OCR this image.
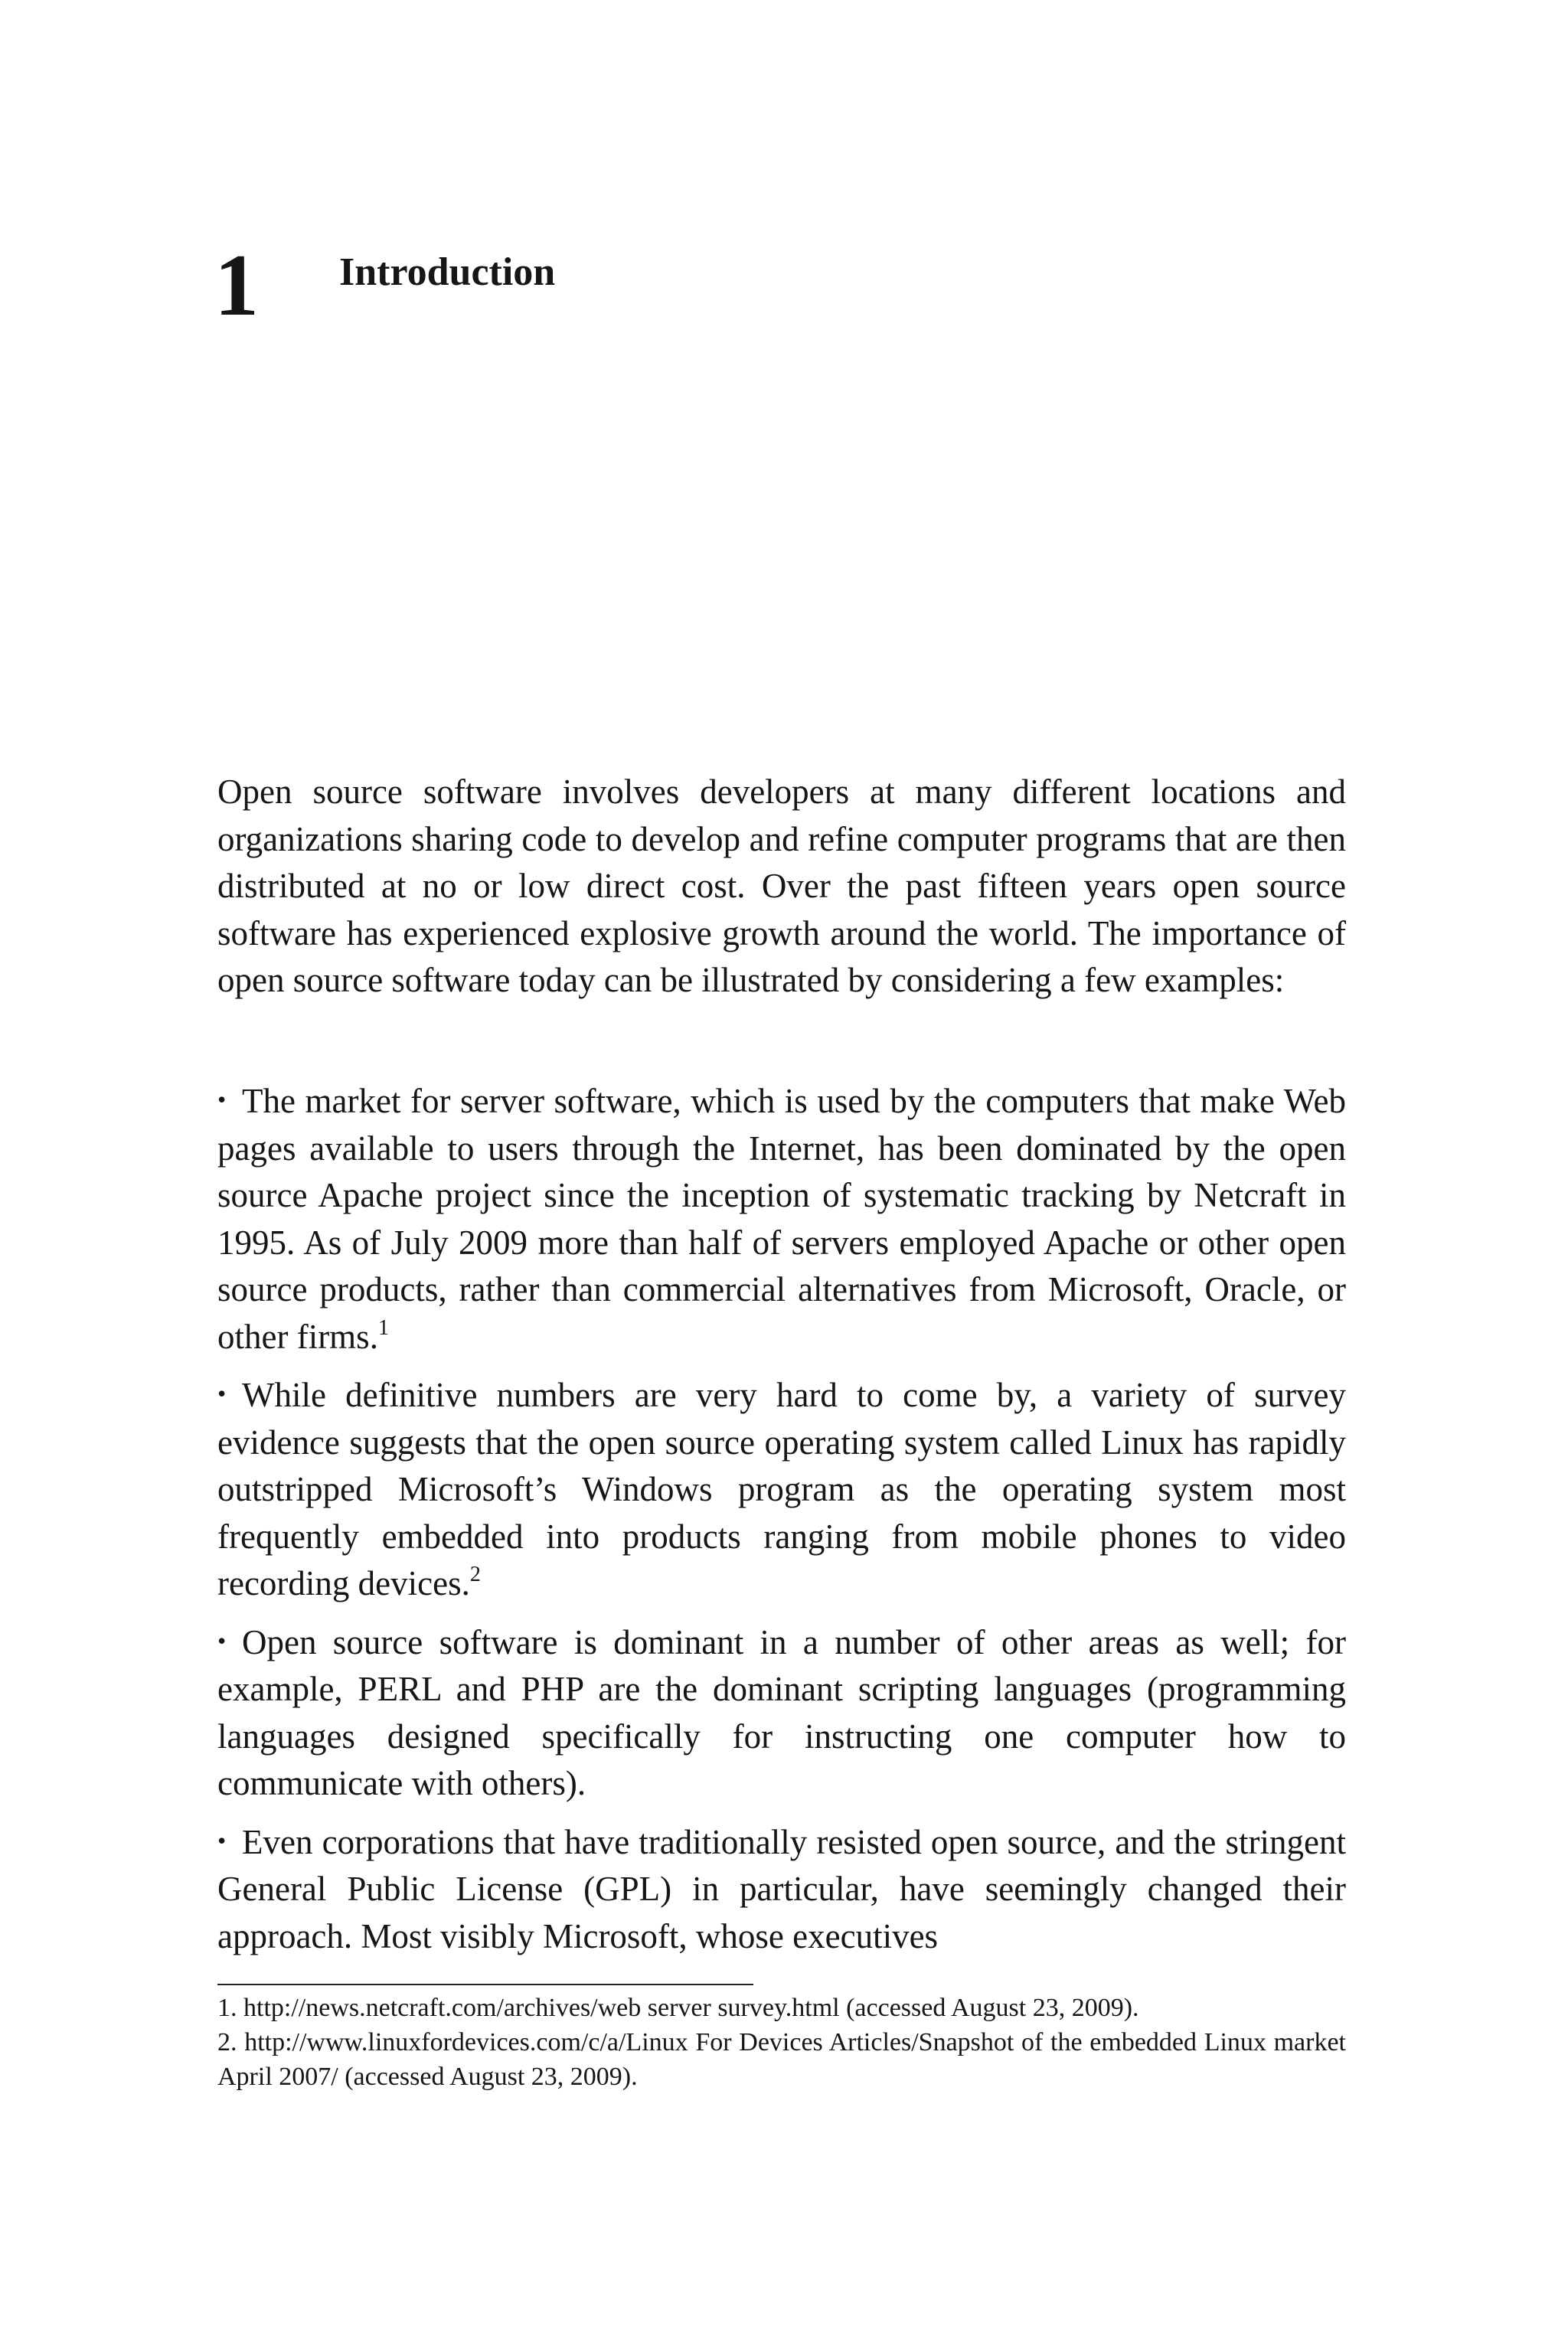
1 Introduction

Open source software involves developers at many different locations and organizations sharing code to develop and refine computer programs that are then distributed at no or low direct cost. Over the past fifteen years open source software has experienced explosive growth around the world. The importance of open source software today can be illustrated by considering a few examples:

• The market for server software, which is used by the computers that make Web pages available to users through the Internet, has been dominated by the open source Apache project since the inception of systematic tracking by Netcraft in 1995. As of July 2009 more than half of servers employed Apache or other open source products, rather than commercial alternatives from Microsoft, Oracle, or other firms.$^1$
• While definitive numbers are very hard to come by, a variety of survey evidence suggests that the open source operating system called Linux has rapidly outstripped Microsoft’s Windows program as the operating system most frequently embedded into products ranging from mobile phones to video recording devices.$^2$
• Open source software is dominant in a number of other areas as well; for example, PERL and PHP are the dominant scripting languages (programming languages designed specifically for instructing one computer how to communicate with others).
• Even corporations that have traditionally resisted open source, and the stringent General Public License (GPL) in particular, have seemingly changed their approach. Most visibly Microsoft, whose executives

1. http://news.netcraft.com/archives/web server survey.html (accessed August 23, 2009).

2. http://www.linuxfordevices.com/c/a/Linux For Devices Articles/Snapshot of the embedded Linux market April 2007/ (accessed August 23, 2009).
